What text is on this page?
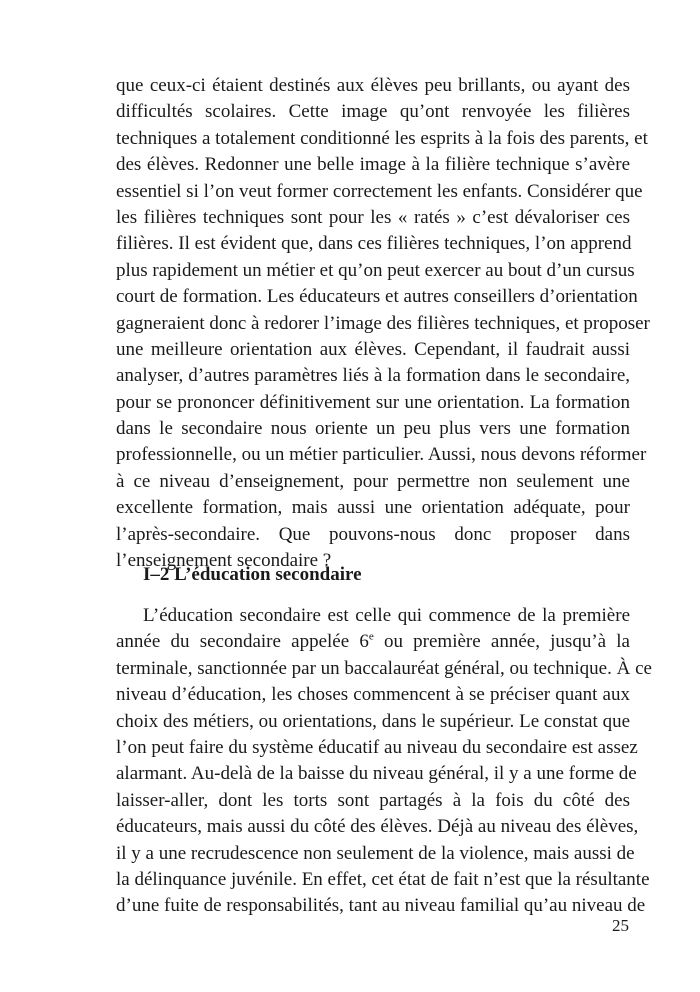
que ceux-ci étaient destinés aux élèves peu brillants, ou ayant des
difficultés scolaires. Cette image qu’ont renvoyée les filières
techniques a totalement conditionné les esprits à la fois des parents, et
des élèves. Redonner une belle image à la filière technique s’avère
essentiel si l’on veut former correctement les enfants. Considérer que
les filières techniques sont pour les « ratés » c’est dévaloriser ces
filières. Il est évident que, dans ces filières techniques, l’on apprend
plus rapidement un métier et qu’on peut exercer au bout d’un cursus
court de formation. Les éducateurs et autres conseillers d’orientation
gagneraient donc à redorer l’image des filières techniques, et proposer
une meilleure orientation aux élèves. Cependant, il faudrait aussi
analyser, d’autres paramètres liés à la formation dans le secondaire,
pour se prononcer définitivement sur une orientation. La formation
dans le secondaire nous oriente un peu plus vers une formation
professionnelle, ou un métier particulier. Aussi, nous devons réformer
à ce niveau d’enseignement, pour permettre non seulement une
excellente formation, mais aussi une orientation adéquate, pour
l’après-secondaire. Que pouvons-nous donc proposer dans
l’enseignement secondaire ?

I–2 L’éducation secondaire

L’éducation secondaire est celle qui commence de la première
année du secondaire appelée 6e ou première année, jusqu’à la
terminale, sanctionnée par un baccalauréat général, ou technique. À ce
niveau d’éducation, les choses commencent à se préciser quant aux
choix des métiers, ou orientations, dans le supérieur. Le constat que
l’on peut faire du système éducatif au niveau du secondaire est assez
alarmant. Au-delà de la baisse du niveau général, il y a une forme de
laisser-aller, dont les torts sont partagés à la fois du côté des
éducateurs, mais aussi du côté des élèves. Déjà au niveau des élèves,
il y a une recrudescence non seulement de la violence, mais aussi de
la délinquance juvénile. En effet, cet état de fait n’est que la résultante
d’une fuite de responsabilités, tant au niveau familial qu’au niveau de

25
